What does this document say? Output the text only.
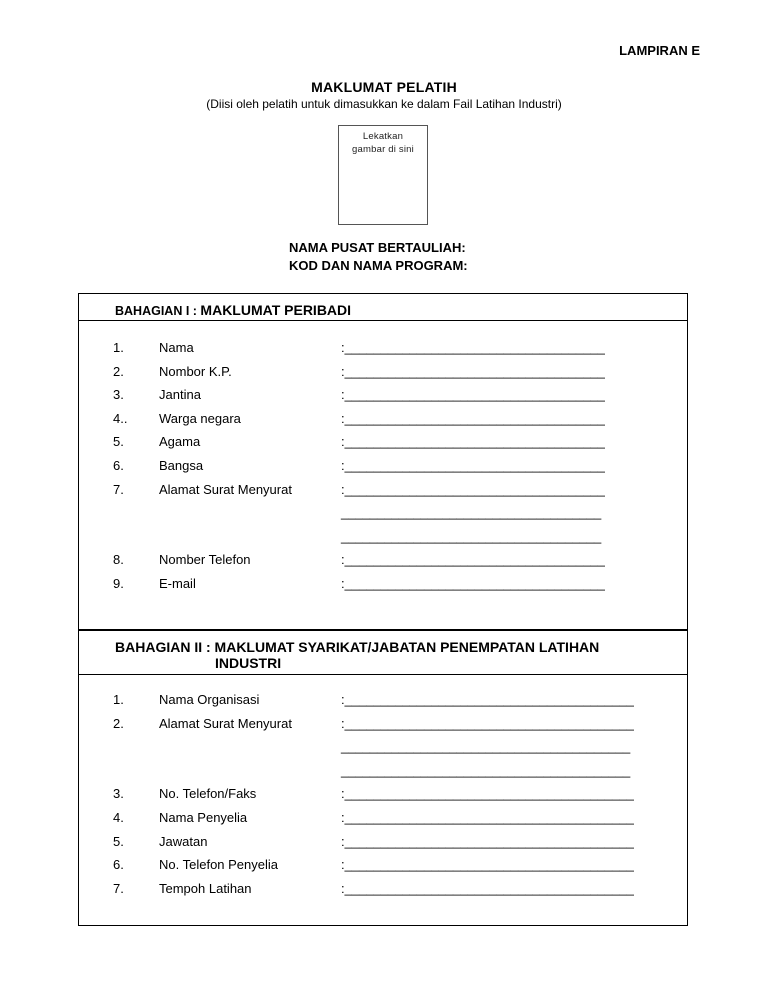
LAMPIRAN E
MAKLUMAT PELATIH
(Diisi oleh pelatih untuk dimasukkan ke dalam Fail Latihan Industri)
Lekatkan
gambar di sini
NAMA PUSAT BERTAULIAH:
KOD DAN NAMA PROGRAM:
BAHAGIAN I : MAKLUMAT PERIBADI
1.	Nama	:____________________________________
2.	Nombor K.P.	:____________________________________
3.	Jantina	:____________________________________
4.. Warga negara	:____________________________________
5.	Agama	:____________________________________
6.	Bangsa	:____________________________________
7.	Alamat Surat Menyurat	:____________________________________
____________________________________
____________________________________
8.	Nomber Telefon	:____________________________________
9.	E-mail	:____________________________________
BAHAGIAN II : MAKLUMAT SYARIKAT/JABATAN PENEMPATAN LATIHAN
INDUSTRI
1.	Nama Organisasi	:________________________________________
2.	Alamat Surat Menyurat	:________________________________________
________________________________________
________________________________________
3.	No. Telefon/Faks	:________________________________________
4.	Nama Penyelia	:________________________________________
5.	Jawatan	:________________________________________
6.	No. Telefon Penyelia	:________________________________________
7.	Tempoh Latihan	:________________________________________
